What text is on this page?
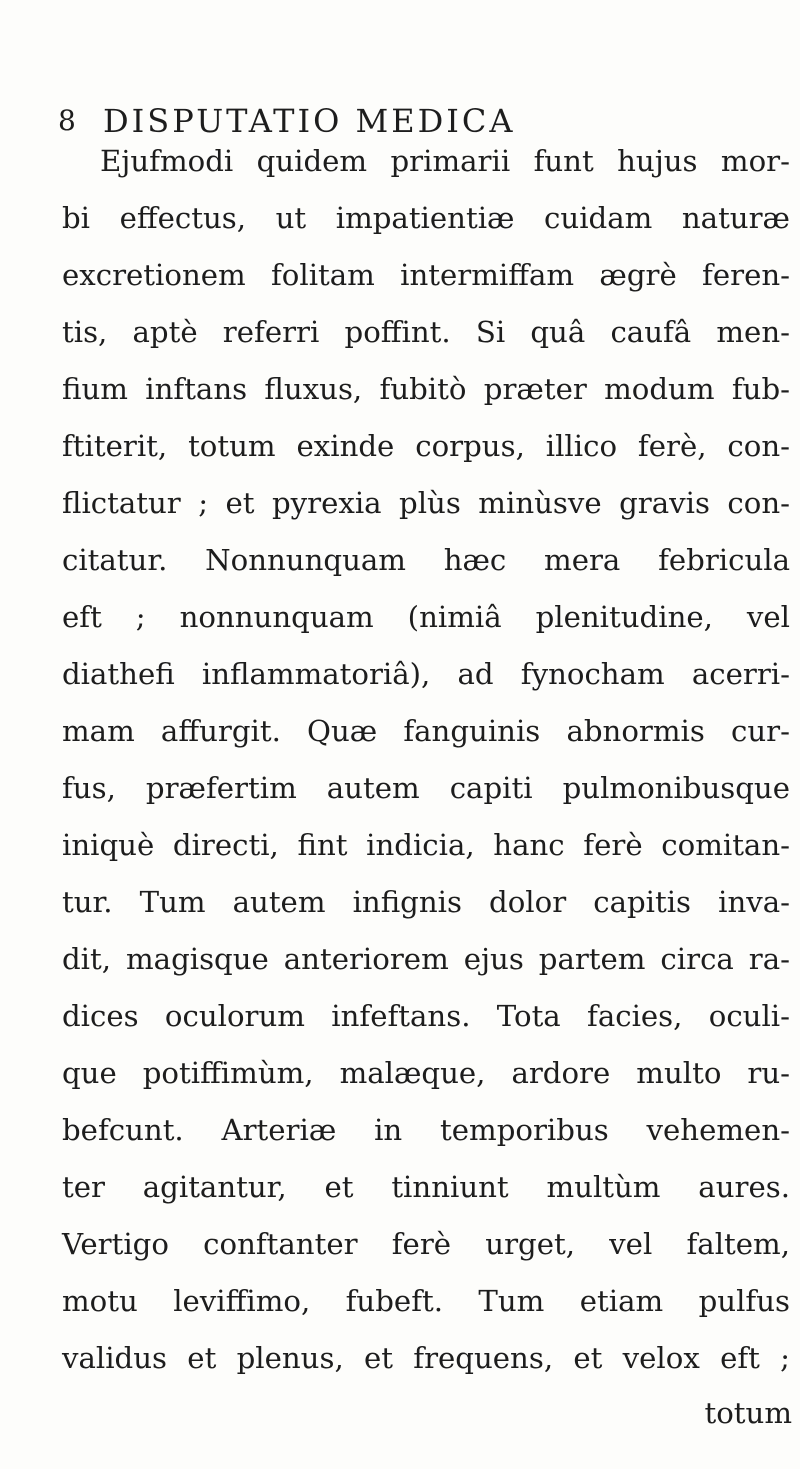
8 DISPUTATIO MEDICA
Ejufmodi quidem primarii funt hujus mor-
bi effectus, ut impatientiæ cuidam naturæ
excretionem folitam intermiffam ægrè feren-
tis, aptè referri poffint. Si quâ caufâ men-
fium inftans fluxus, fubitò præter modum fub-
ftiterit, totum exinde corpus, illico ferè, con-
flictatur ; et pyrexia plùs minùsve gravis con-
citatur. Nonnunquam hæc mera febricula
eft ; nonnunquam (nimiâ plenitudine, vel
diathefi inflammatoriâ), ad fynocham acerri-
mam affurgit. Quæ fanguinis abnormis cur-
fus, præfertim autem capiti pulmonibusque
iniquè directi, fint indicia, hanc ferè comitan-
tur. Tum autem infignis dolor capitis inva-
dit, magisque anteriorem ejus partem circa ra-
dices oculorum infeftans. Tota facies, oculi-
que potiffimùm, malæque, ardore multo ru-
befcunt. Arteriæ in temporibus vehemen-
ter agitantur, et tinniunt multùm aures.
Vertigo conftanter ferè urget, vel faltem,
motu leviffimo, fubeft. Tum etiam pulfus
validus et plenus, et frequens, et velox eft ;
totum
